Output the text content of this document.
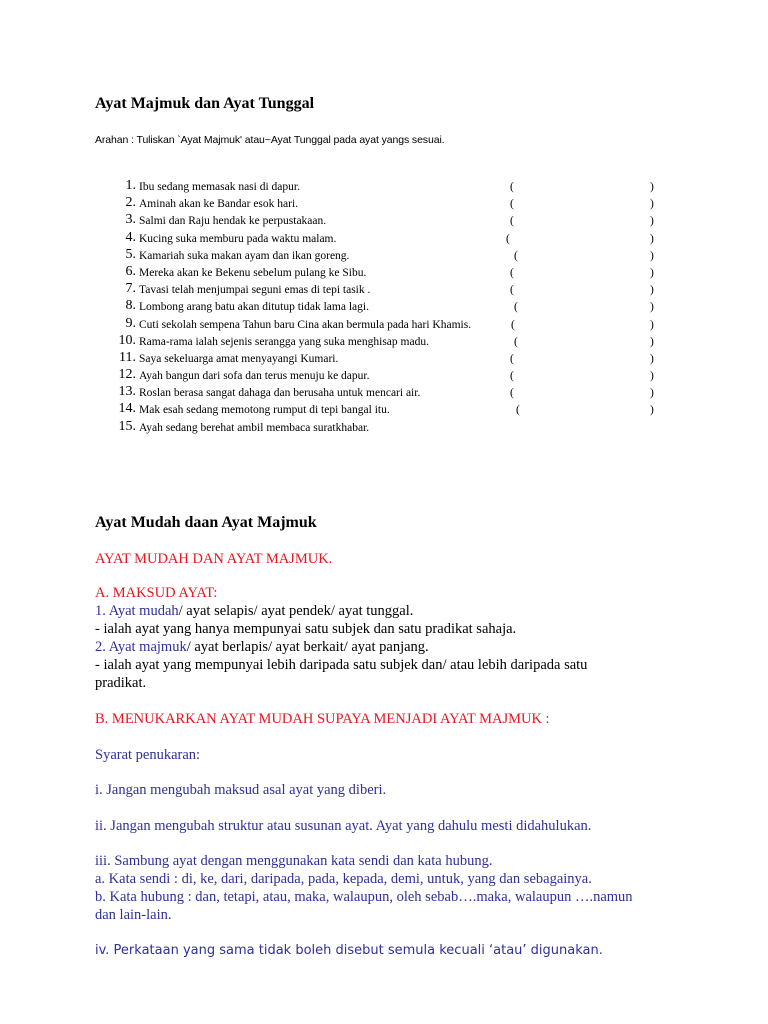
Ayat Majmuk dan Ayat Tunggal
Arahan : Tuliskan `Ayat Majmuk' atau~Ayat Tunggal pada ayat yangs sesuai.
1. Ibu sedang memasak nasi di dapur.	(	)
2. Aminah akan ke Bandar esok hari.	(	)
3. Salmi dan Raju hendak ke perpustakaan.	(	)
4. Kucing suka memburu pada waktu malam.	(	)
5. Kamariah suka makan ayam dan ikan goreng.	(	)
6. Mereka akan ke Bekenu sebelum pulang ke Sibu.	(	)
7. Tavasi telah menjumpai seguni emas di tepi tasik .	(	)
8. Lombong arang batu akan ditutup tidak lama lagi.	(	)
9. Cuti sekolah sempena Tahun baru Cina akan bermula pada hari Khamis.	(	)
10. Rama-rama ialah sejenis serangga yang suka menghisap madu.	(	)
11. Saya sekeluarga amat menyayangi Kumari.	(	)
12. Ayah bangun dari sofa dan terus menuju ke dapur.	(	)
13. Roslan berasa sangat dahaga dan berusaha untuk mencari air.	(	)
14. Mak esah sedang memotong rumput di tepi bangal itu.	(	)
15. Ayah sedang berehat ambil membaca suratkhabar.
Ayat Mudah daan Ayat Majmuk
AYAT MUDAH DAN AYAT MAJMUK.
A. MAKSUD AYAT:
1. Ayat mudah/ ayat selapis/ ayat pendek/ ayat tunggal.
- ialah ayat yang hanya mempunyai satu subjek dan satu pradikat sahaja.
2. Ayat majmuk/ ayat berlapis/ ayat berkait/ ayat panjang.
- ialah ayat yang mempunyai lebih daripada satu subjek dan/ atau lebih daripada satu
pradikat.
B. MENUKARKAN AYAT MUDAH SUPAYA MENJADI AYAT MAJMUK :
Syarat penukaran:
i. Jangan mengubah maksud asal ayat yang diberi.
ii. Jangan mengubah struktur atau susunan ayat. Ayat yang dahulu mesti didahulukan.
iii. Sambung ayat dengan menggunakan kata sendi dan kata hubung.
a. Kata sendi : di, ke, dari, daripada, pada, kepada, demi, untuk, yang dan sebagainya.
b. Kata hubung : dan, tetapi, atau, maka, walaupun, oleh sebab….maka, walaupun ….namun
dan lain-lain.
iv. Perkataan yang sama tidak boleh disebut semula kecuali ‘atau’ digunakan.
